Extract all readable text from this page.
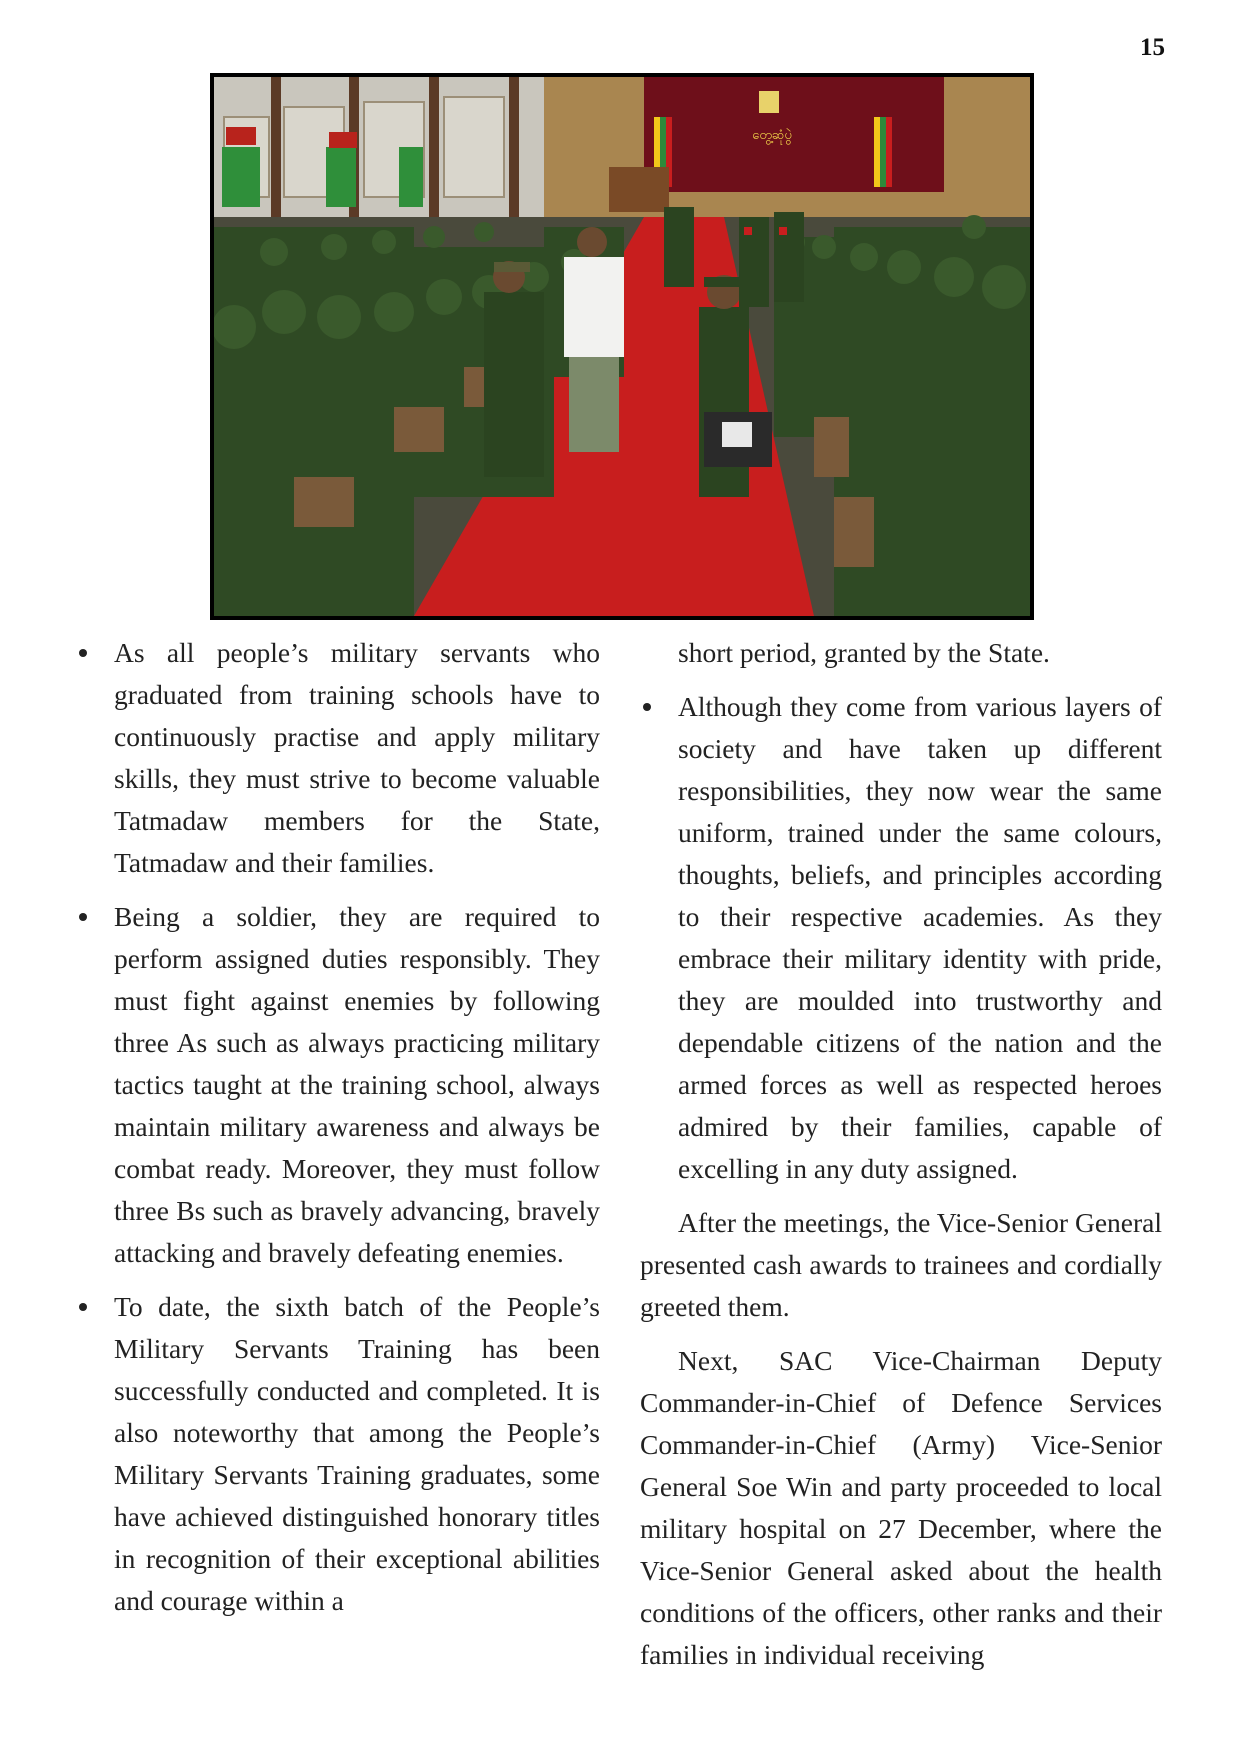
15
တွေ့ဆုံပွဲ
As all people’s military servants who graduated from training schools have to continuously practise and apply military skills, they must strive to become valuable Tatmadaw members for the State, Tatmadaw and their families.
Being a soldier, they are required to perform assigned duties responsibly. They must fight against enemies by following three As such as always practicing military tactics taught at the training school, always maintain military awareness and always be combat ready. Moreover, they must follow three Bs such as bravely advancing, bravely attacking and bravely defeating enemies.
To date, the sixth batch of the People’s Military Servants Training has been successfully conducted and completed. It is also noteworthy that among the People’s Military Servants Training graduates, some have achieved distinguished honorary titles in recognition of their exceptional abilities and courage within a
short period, granted by the State.
Although they come from various layers of society and have taken up different responsibilities, they now wear the same uniform, trained under the same colours, thoughts, beliefs, and principles according to their respective academies. As they embrace their military identity with pride, they are moulded into trustworthy and dependable citizens of the nation and the armed forces as well as respected heroes admired by their families, capable of excelling in any duty assigned.

After the meetings, the Vice-Senior General presented cash awards to trainees and cordially greeted them.

Next, SAC Vice-Chairman Deputy Commander-in-Chief of Defence Services Commander-in-Chief (Army) Vice-Senior General Soe Win and party proceeded to local military hospital on 27 December, where the Vice-Senior General asked about the health conditions of the officers, other ranks and their families in individual receiving
